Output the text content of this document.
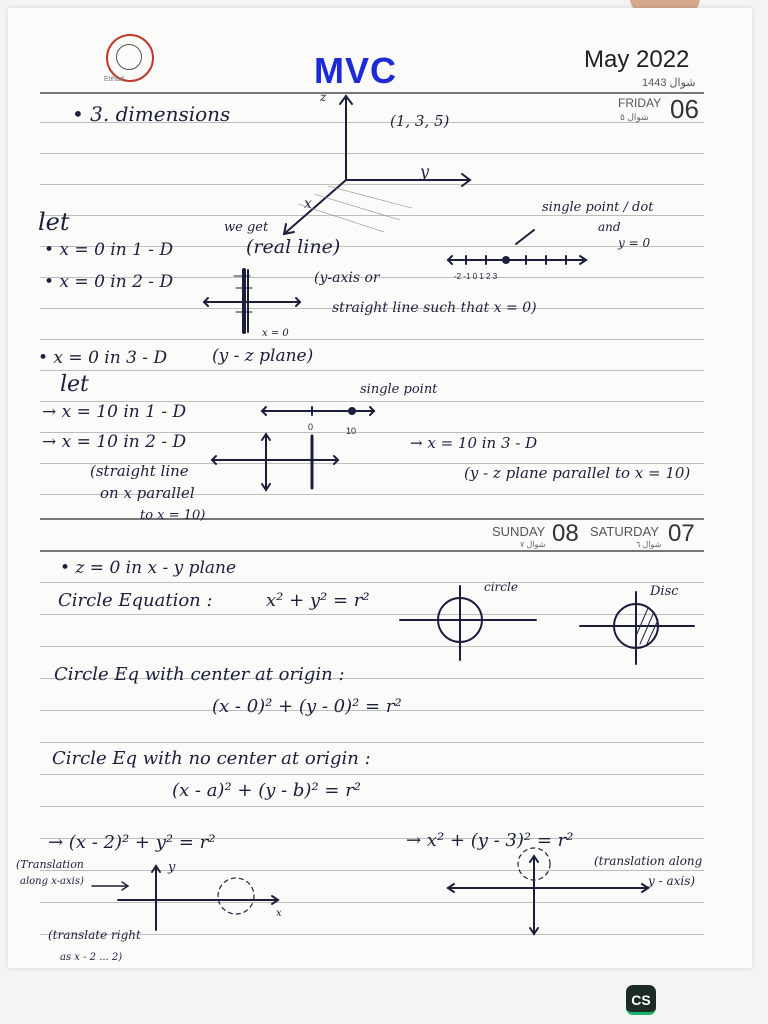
Etihad	MVC	May 2022
شوال 1443
FRIDAY
شوال ٥ 06
• 3. dimensions	(1, 3, 5)
z
y
x
let	we get
• x = 0 in 1 - D	(real line)
single point / dot
and
y = 0
• x = 0 in 2 - D	(y-axis or
straight line such that x = 0)
x = 0
-2 -1 0 1 2 3
• x = 0 in 3 - D	(y - z plane)
let
→ x = 10 in 1 - D
single point
0	10
→ x = 10 in 2 - D
(straight line
on x parallel
to x = 10)
→ x = 10 in 3 - D
(y - z plane parallel to x = 10)
SUNDAY 08
شوال ٧
SATURDAY 07
شوال ٦
• z = 0 in x - y plane
Circle Equation :	x² + y² = r²
circle	Disc
Circle Eq with center at origin :
(x - 0)² + (y - 0)² = r²
Circle Eq with no center at origin :
(x - a)² + (y - b)² = r²
→ (x - 2)² + y² = r²
(Translation
along x-axis)
(translate right
as x - 2 ... 2)
→ x² + (y - 3)² = r²
(translation along
y - axis)
y
x
CS
